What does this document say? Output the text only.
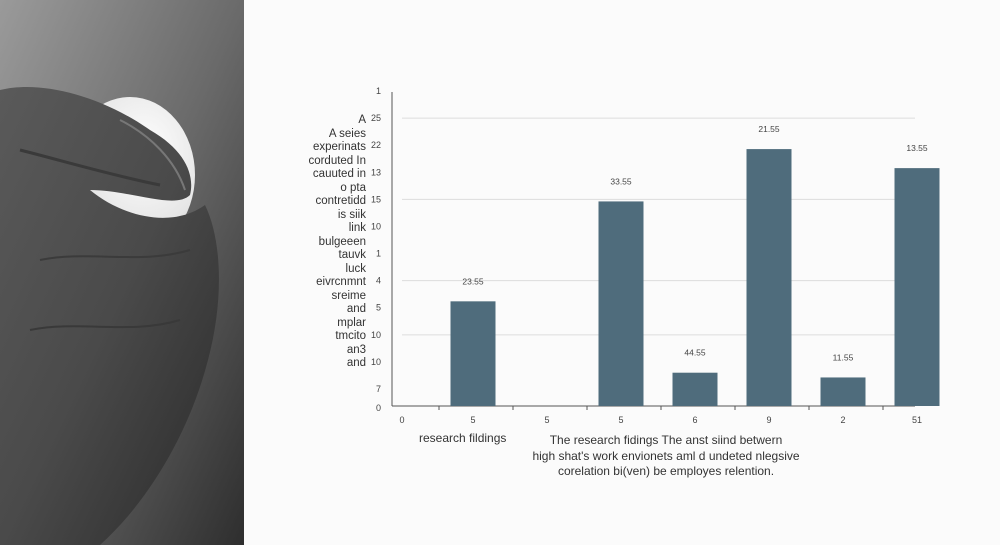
A
A seies
experinats
corduted In
cauuted in
o pta
contretidd
is siik
link
bulgeeen
tauvk
luck
eivrcnmnt
sreime
and
mplar
tmcito
an3
and
1
25
22
13
15
10
1
4
5
10
10
7
0
0	5	5	5	6	9	2	51
23.55
33.55
44.55
21.55
11.55
13.55
research fildings	The research fidings The anst siind betwern
high shat's work envionets aml d undeted nlegsive
corelation bi(ven) be employes relention.
